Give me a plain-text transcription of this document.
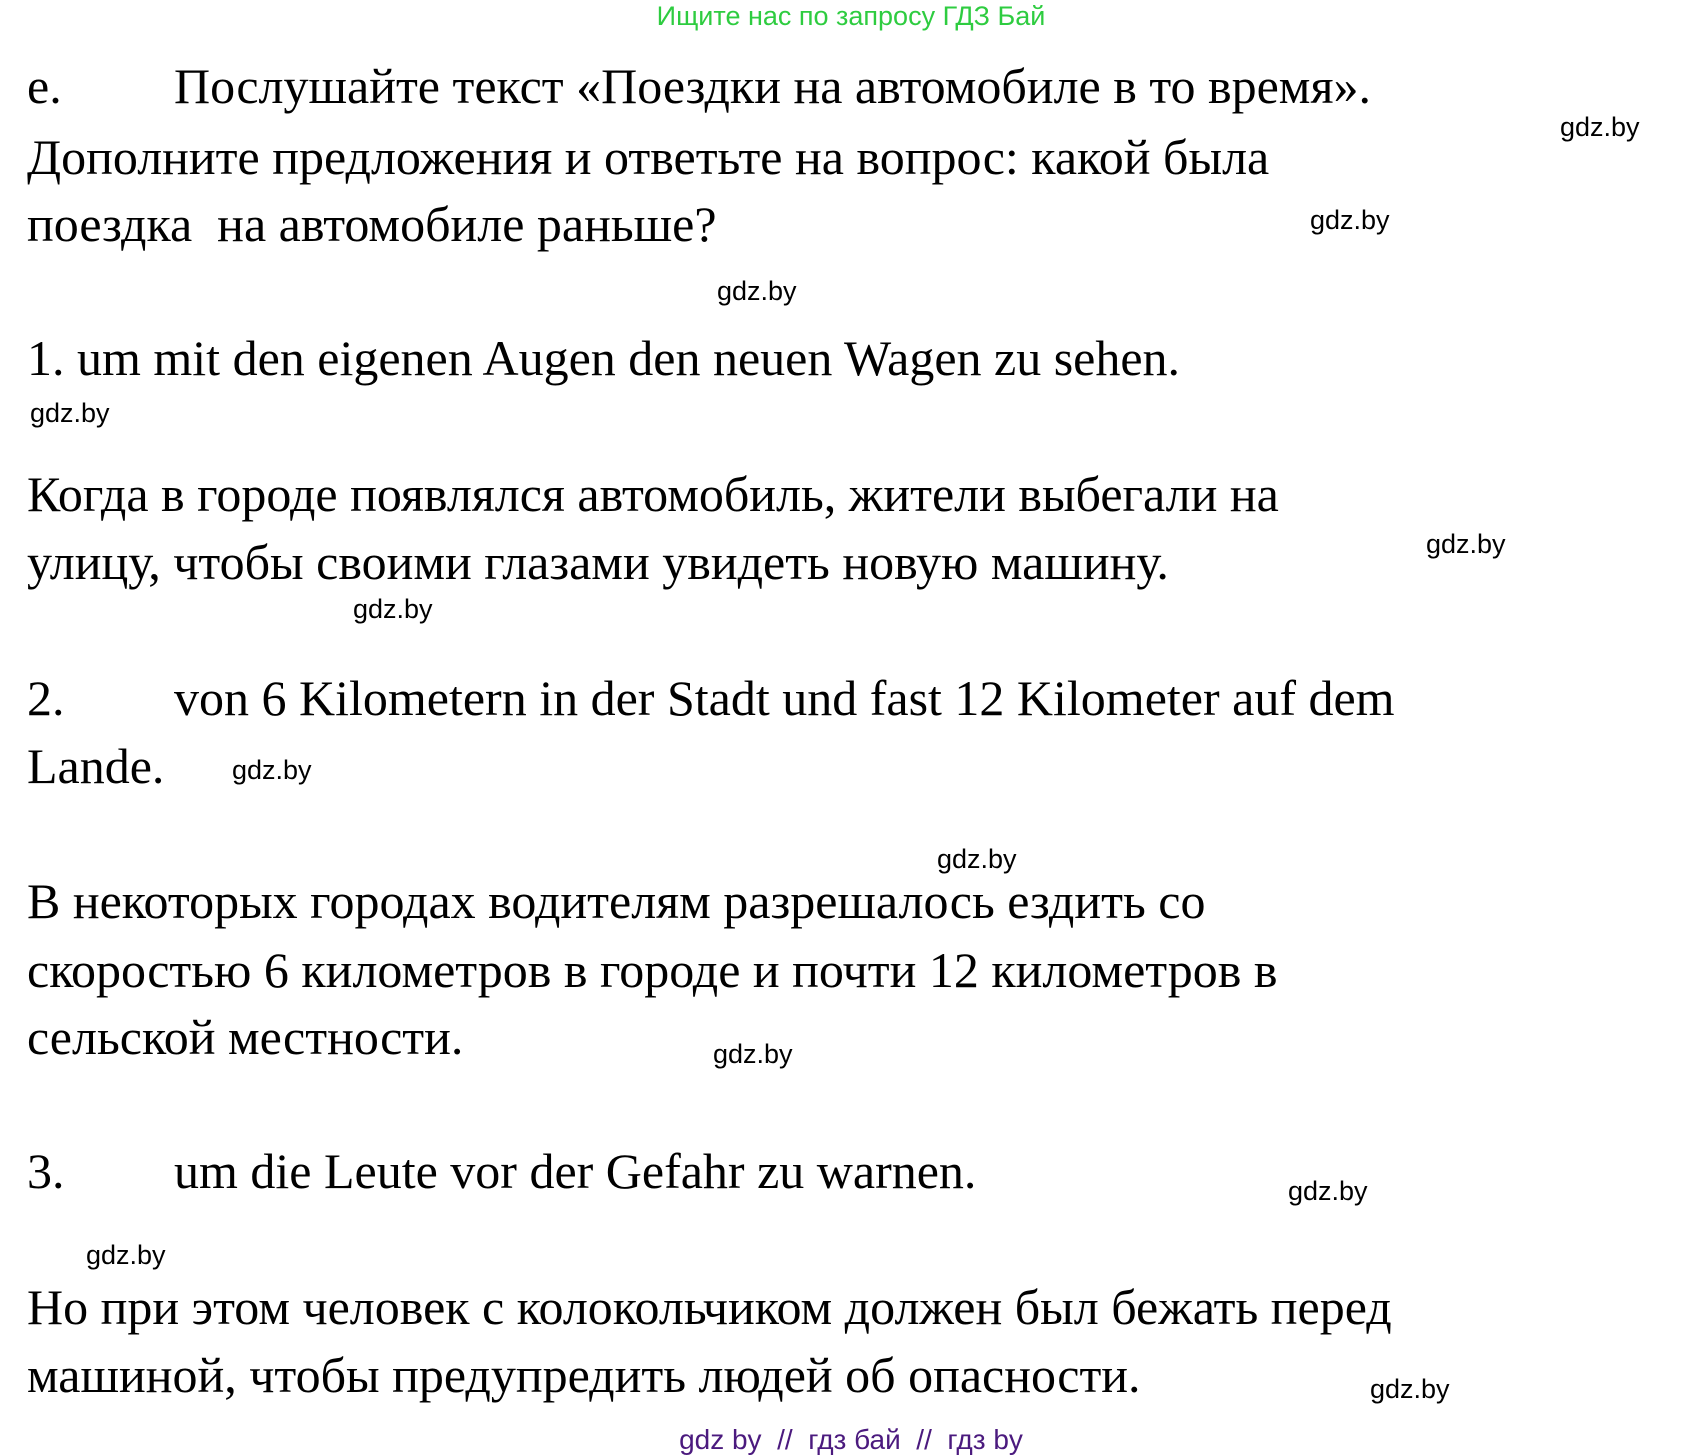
Ищите нас по запросу ГДЗ Бай
e. Послушайте текст «Поездки на автомобиле в то время».
Дополните предложения и ответьте на вопрос: какой была
поездка  на автомобиле раньше?
1. um mit den eigenen Augen den neuen Wagen zu sehen.
Когда в городе появлялся автомобиль, жители выбегали на
улицу, чтобы своими глазами увидеть новую машину.
2. von 6 Kilometern in der Stadt und fast 12 Kilometer auf dem
Lande.
В некоторых городах водителям разрешалось ездить со
скоростью 6 километров в городе и почти 12 километров в
сельской местности.
3. um die Leute vor der Gefahr zu warnen.
Но при этом человек с колокольчиком должен был бежать перед
машиной, чтобы предупредить людей об опасности.
gdz.by
gdz.by
gdz.by
gdz.by
gdz.by
gdz.by
gdz.by
gdz.by
gdz.by
gdz.by
gdz.by
gdz.by
gdz by  //  гдз бай  //  гдз by
